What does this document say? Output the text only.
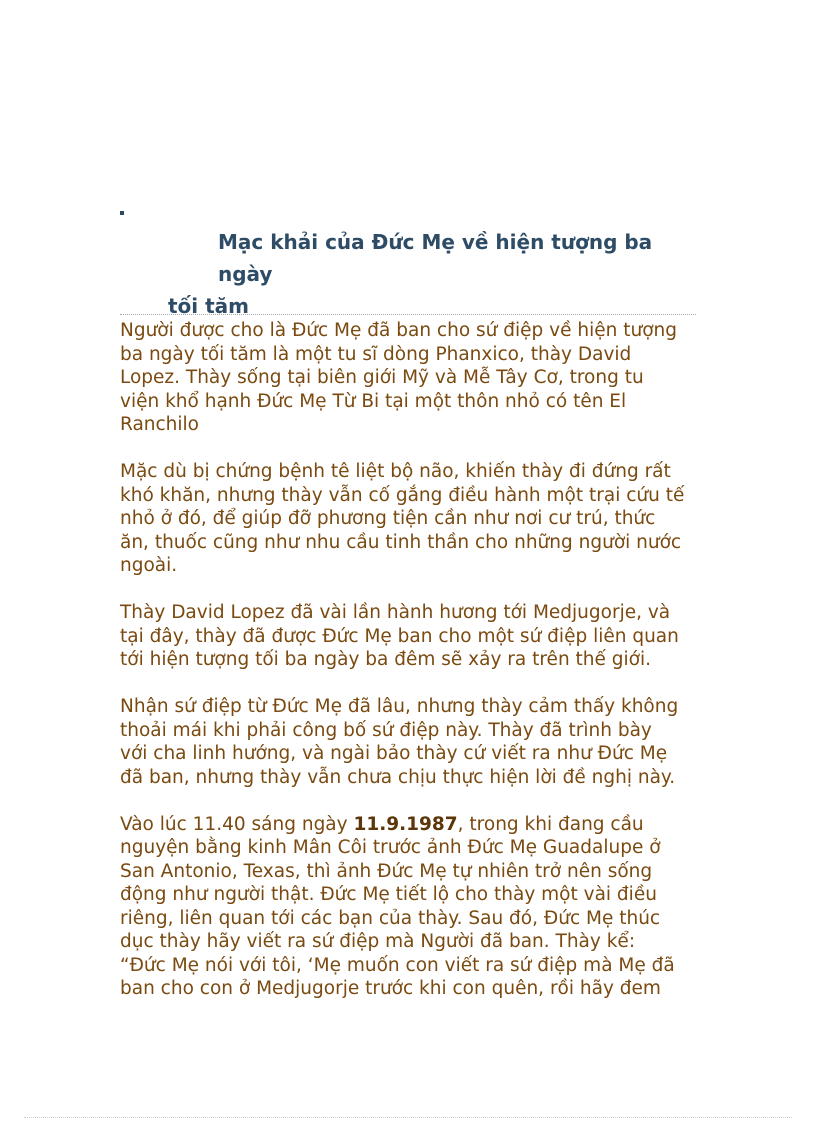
Mạc khải của Đức Mẹ về hiện tượng ba ngày
tối tăm

Người được cho là Đức Mẹ đã ban cho sứ điệp về hiện tượng
ba ngày tối tăm là một tu sĩ dòng Phanxico, thày David
Lopez. Thày sống tại biên giới Mỹ và Mễ Tây Cơ, trong tu
viện khổ hạnh Đức Mẹ Từ Bi tại một thôn nhỏ có tên El
Ranchilo

Mặc dù bị chứng bệnh tê liệt bộ não, khiến thày đi đứng rất
khó khăn, nhưng thày vẫn cố gắng điều hành một trại cứu tế
nhỏ ở đó, để giúp đỡ phương tiện cần như nơi cư trú, thức
ăn, thuốc cũng như nhu cầu tinh thần cho những người nước
ngoài.

Thày David Lopez đã vài lần hành hương tới Medjugorje, và
tại đây, thày đã được Đức Mẹ ban cho một sứ điệp liên quan
tới hiện tượng tối ba ngày ba đêm sẽ xảy ra trên thế giới.

Nhận sứ điệp từ Đức Mẹ đã lâu, nhưng thày cảm thấy không
thoải mái khi phải công bố sứ điệp này. Thày đã trình bày
với cha linh hướng, và ngài bảo thày cứ viết ra như Đức Mẹ
đã ban, nhưng thày vẫn chưa chịu thực hiện lời đề nghị này.

Vào lúc 11.40 sáng ngày 11.9.1987, trong khi đang cầu
nguyện bằng kinh Mân Côi trước ảnh Đức Mẹ Guadalupe ở
San Antonio, Texas, thì ảnh Đức Mẹ tự nhiên trở nên sống
động như người thật. Đức Mẹ tiết lộ cho thày một vài điều
riêng, liên quan tới các bạn của thày. Sau đó, Đức Mẹ thúc
dục thày hãy viết ra sứ điệp mà Người đã ban. Thày kể:
“Đức Mẹ nói với tôi, ‘Mẹ muốn con viết ra sứ điệp mà Mẹ đã
ban cho con ở Medjugorje trước khi con quên, rồi hãy đem
